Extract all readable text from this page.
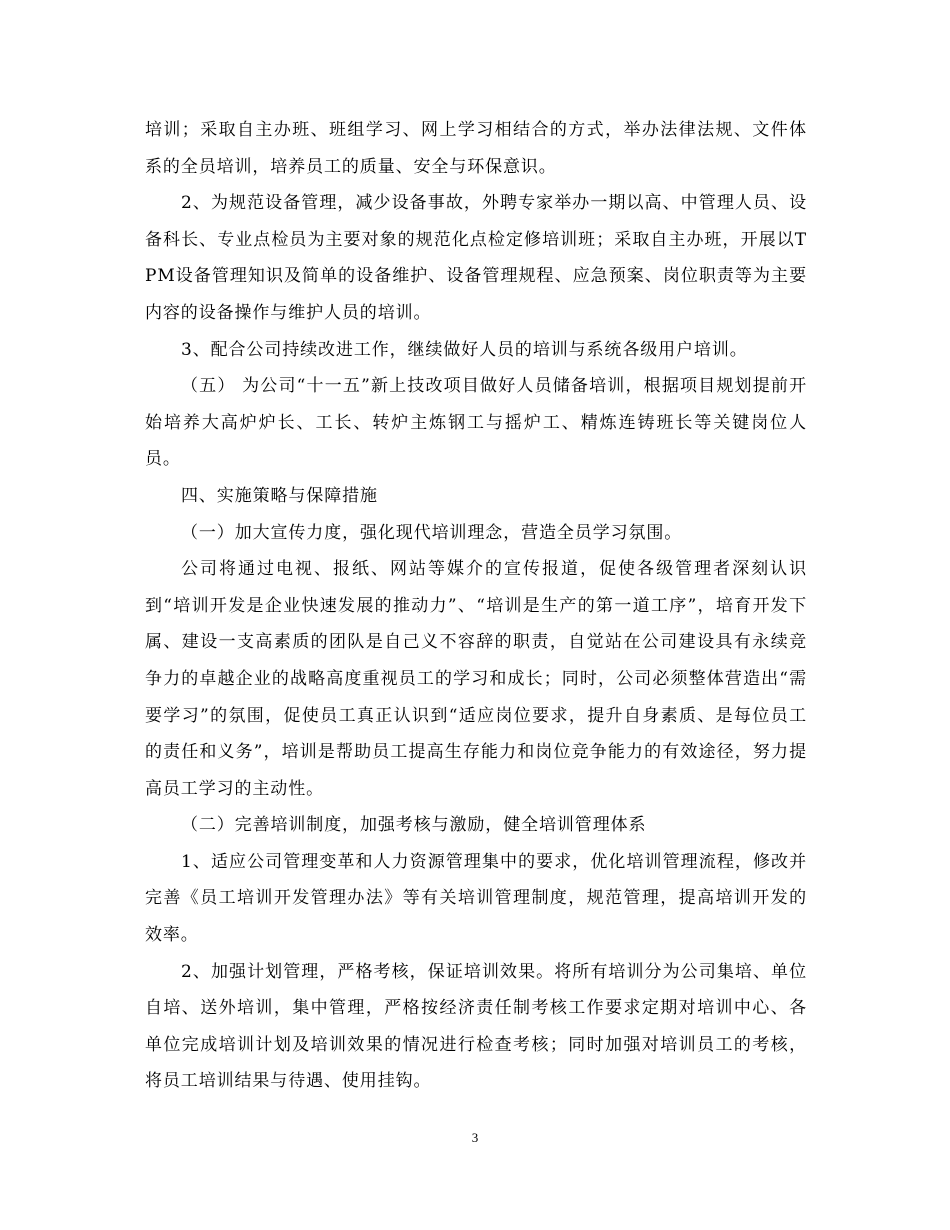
培训；采取自主办班、班组学习、网上学习相结合的方式，举办法律法规、文件体系的全员培训，培养员工的质量、安全与环保意识。

2、为规范设备管理，减少设备事故，外聘专家举办一期以高、中管理人员、设备科长、专业点检员为主要对象的规范化点检定修培训班；采取自主办班，开展以TPM设备管理知识及简单的设备维护、设备管理规程、应急预案、岗位职责等为主要内容的设备操作与维护人员的培训。

3、配合公司持续改进工作，继续做好人员的培训与系统各级用户培训。

（五） 为公司“十一五”新上技改项目做好人员储备培训，根据项目规划提前开始培养大高炉炉长、工长、转炉主炼钢工与摇炉工、精炼连铸班长等关键岗位人员。

四、实施策略与保障措施

（一）加大宣传力度，强化现代培训理念，营造全员学习氛围。

公司将通过电视、报纸、网站等媒介的宣传报道，促使各级管理者深刻认识到“培训开发是企业快速发展的推动力”、“培训是生产的第一道工序”，培育开发下属、建设一支高素质的团队是自己义不容辞的职责，自觉站在公司建设具有永续竞争力的卓越企业的战略高度重视员工的学习和成长；同时，公司必须整体营造出“需要学习”的氛围，促使员工真正认识到“适应岗位要求，提升自身素质、是每位员工的责任和义务”，培训是帮助员工提高生存能力和岗位竞争能力的有效途径，努力提高员工学习的主动性。

（二）完善培训制度，加强考核与激励，健全培训管理体系

1、适应公司管理变革和人力资源管理集中的要求，优化培训管理流程，修改并完善《员工培训开发管理办法》等有关培训管理制度，规范管理，提高培训开发的效率。

2、加强计划管理，严格考核，保证培训效果。将所有培训分为公司集培、单位自培、送外培训，集中管理，严格按经济责任制考核工作要求定期对培训中心、各单位完成培训计划及培训效果的情况进行检查考核；同时加强对培训员工的考核，将员工培训结果与待遇、使用挂钩。

3
